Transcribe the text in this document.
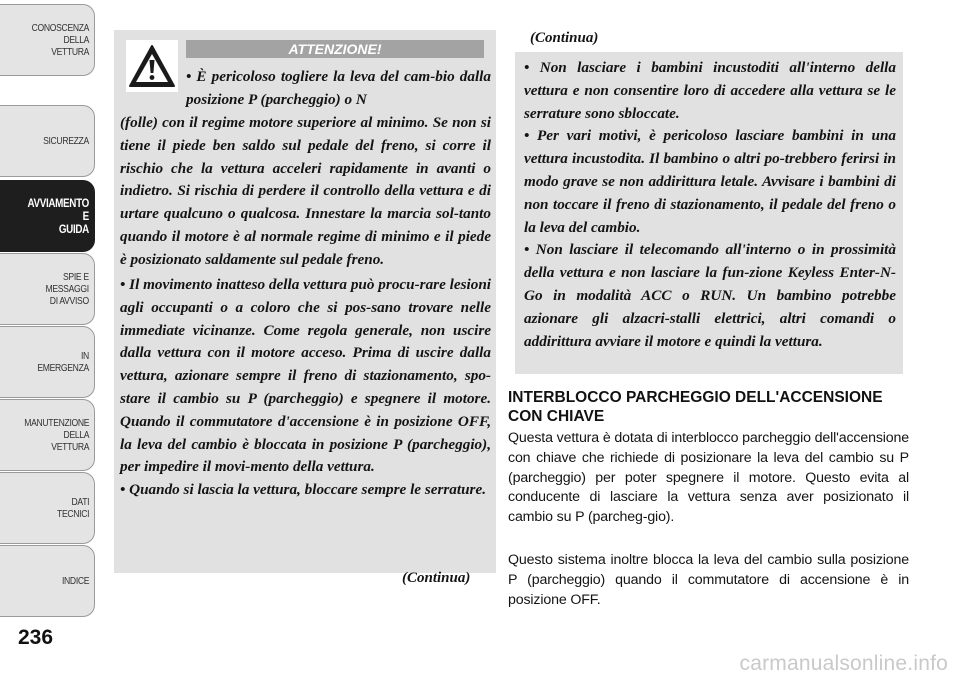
CONOSCENZA
DELLA
VETTURA
SICUREZZA
AVVIAMENTO
E
GUIDA
SPIE E
MESSAGGI
DI AVVISO
IN
EMERGENZA
MANUTENZIONE
DELLA
VETTURA
DATI
TECNICI
INDICE
236
ATTENZIONE!

• È pericoloso togliere la leva del cam-bio dalla posizione P (parcheggio) o N

(folle) con il regime motore superiore al minimo. Se non si tiene il piede ben saldo sul pedale del freno, si corre il rischio che la vettura acceleri rapidamente in avanti o indietro. Si rischia di perdere il controllo della vettura e di urtare qualcuno o qualcosa. Innestare la marcia sol-tanto quando il motore è al normale regime di minimo e il piede è posizionato saldamente sul pedale freno.

• Il movimento inatteso della vettura può procu-rare lesioni agli occupanti o a coloro che si pos-sano trovare nelle immediate vicinanze. Come regola generale, non uscire dalla vettura con il motore acceso. Prima di uscire dalla vettura, azionare sempre il freno di stazionamento, spo-stare il cambio su P (parcheggio) e spegnere il motore. Quando il commutatore d'accensione è in posizione OFF, la leva del cambio è bloccata in posizione P (parcheggio), per impedire il movi-mento della vettura.

• Quando si lascia la vettura, bloccare sempre le serrature.

(Continua)
(Continua)

• Non lasciare i bambini incustoditi all'interno della vettura e non consentire loro di accedere alla vettura se le serrature sono sbloccate.

• Per vari motivi, è pericoloso lasciare bambini in una vettura incustodita. Il bambino o altri po-trebbero ferirsi in modo grave se non addirittura letale. Avvisare i bambini di non toccare il freno di stazionamento, il pedale del freno o la leva del cambio.

• Non lasciare il telecomando all'interno o in prossimità della vettura e non lasciare la fun-zione Keyless Enter-N-Go in modalità ACC o RUN. Un bambino potrebbe azionare gli alzacri-stalli elettrici, altri comandi o addirittura avviare il motore e quindi la vettura.

INTERBLOCCO PARCHEGGIO DELL'ACCENSIONE CON CHIAVE

Questa vettura è dotata di interblocco parcheggio dell'accensione con chiave che richiede di posizionare la leva del cambio su P (parcheggio) per poter spegnere il motore. Questo evita al conducente di lasciare la vettura senza aver posizionato il cambio su P (parcheg-gio).

Questo sistema inoltre blocca la leva del cambio sulla posizione P (parcheggio) quando il commutatore di accensione è in posizione OFF.

carmanualsonline.info
